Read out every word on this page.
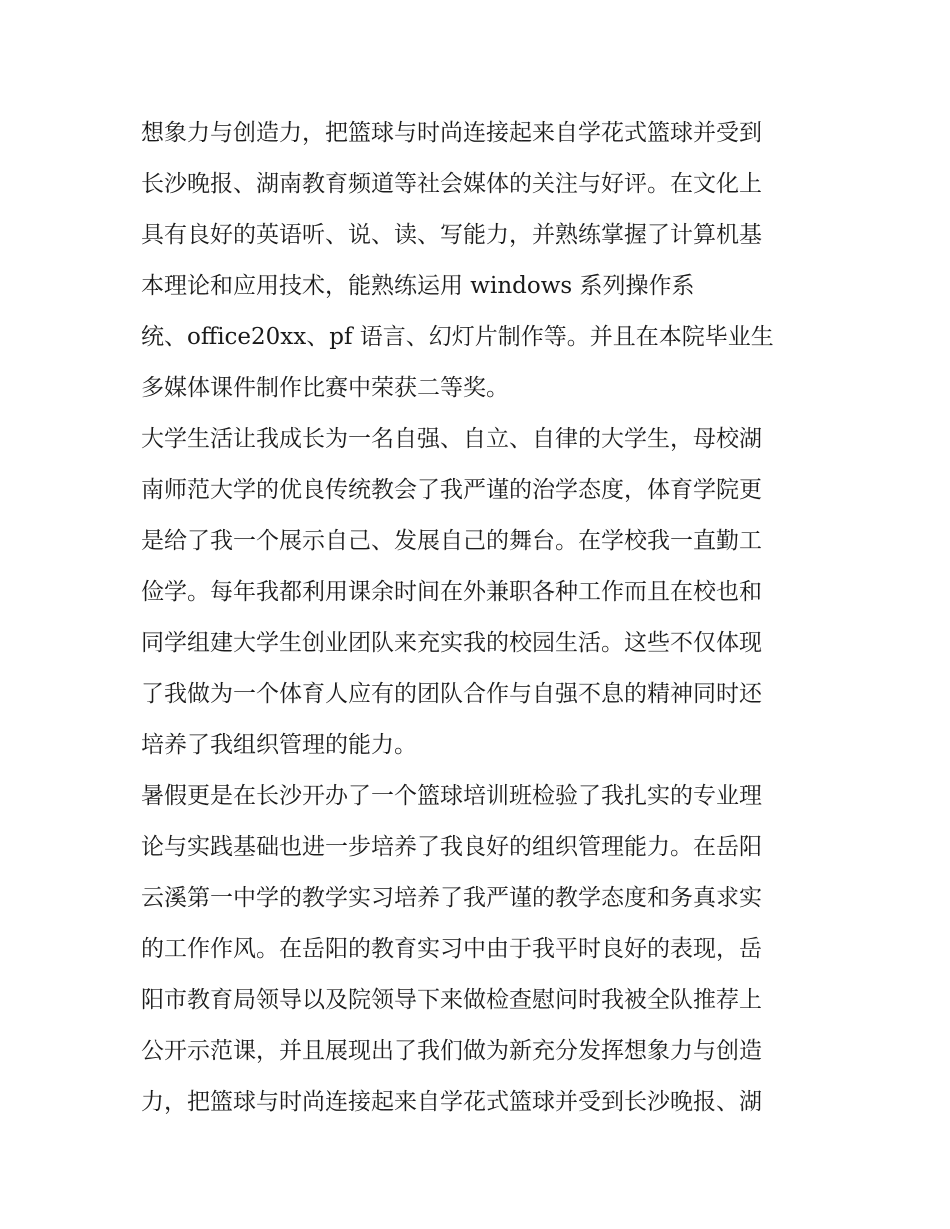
想象力与创造力，把篮球与时尚连接起来自学花式篮球并受到
长沙晚报、湖南教育频道等社会媒体的关注与好评。在文化上
具有良好的英语听、说、读、写能力，并熟练掌握了计算机基
本理论和应用技术，能熟练运用 windows 系列操作系
统、office20xx、pf 语言、幻灯片制作等。并且在本院毕业生
多媒体课件制作比赛中荣获二等奖。
大学生活让我成长为一名自强、自立、自律的大学生，母校湖
南师范大学的优良传统教会了我严谨的治学态度，体育学院更
是给了我一个展示自己、发展自己的舞台。在学校我一直勤工
俭学。每年我都利用课余时间在外兼职各种工作而且在校也和
同学组建大学生创业团队来充实我的校园生活。这些不仅体现
了我做为一个体育人应有的团队合作与自强不息的精神同时还
培养了我组织管理的能力。
暑假更是在长沙开办了一个篮球培训班检验了我扎实的专业理
论与实践基础也进一步培养了我良好的组织管理能力。在岳阳
云溪第一中学的教学实习培养了我严谨的教学态度和务真求实
的工作作风。在岳阳的教育实习中由于我平时良好的表现，岳
阳市教育局领导以及院领导下来做检查慰问时我被全队推荐上
公开示范课，并且展现出了我们做为新充分发挥想象力与创造
力，把篮球与时尚连接起来自学花式篮球并受到长沙晚报、湖
